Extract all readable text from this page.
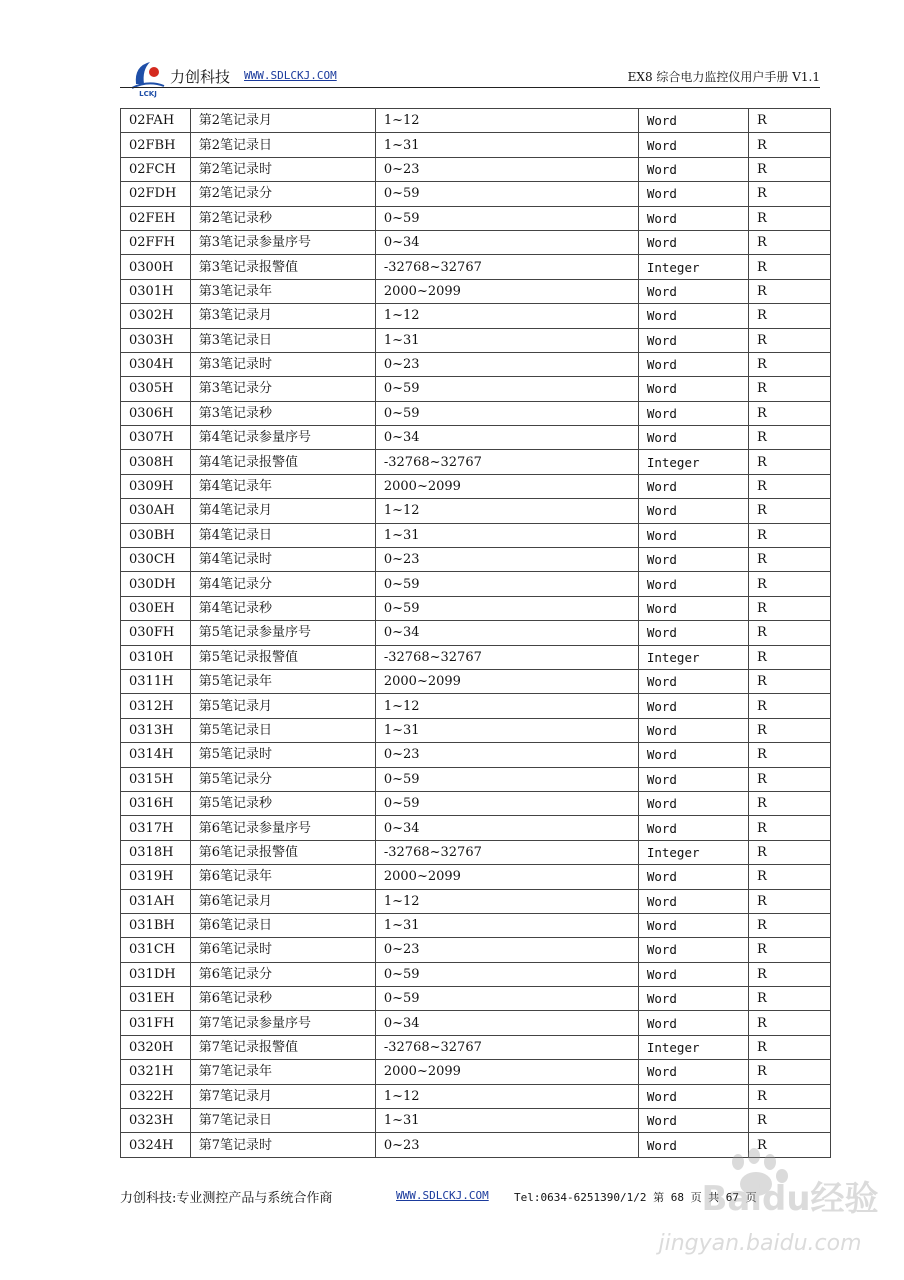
LCKJ
力创科技 WWW.SDLCKJ.COM	EX8 综合电力监控仪用户手册 V1.1
02FAH	第2笔记录月	1~12	Word	R
02FBH	第2笔记录日	1~31	Word	R
02FCH	第2笔记录时	0~23	Word	R
02FDH	第2笔记录分	0~59	Word	R
02FEH	第2笔记录秒	0~59	Word	R
02FFH	第3笔记录参量序号	0~34	Word	R
0300H	第3笔记录报警值	-32768~32767	Integer	R
0301H	第3笔记录年	2000~2099	Word	R
0302H	第3笔记录月	1~12	Word	R
0303H	第3笔记录日	1~31	Word	R
0304H	第3笔记录时	0~23	Word	R
0305H	第3笔记录分	0~59	Word	R
0306H	第3笔记录秒	0~59	Word	R
0307H	第4笔记录参量序号	0~34	Word	R
0308H	第4笔记录报警值	-32768~32767	Integer	R
0309H	第4笔记录年	2000~2099	Word	R
030AH	第4笔记录月	1~12	Word	R
030BH	第4笔记录日	1~31	Word	R
030CH	第4笔记录时	0~23	Word	R
030DH	第4笔记录分	0~59	Word	R
030EH	第4笔记录秒	0~59	Word	R
030FH	第5笔记录参量序号	0~34	Word	R
0310H	第5笔记录报警值	-32768~32767	Integer	R
0311H	第5笔记录年	2000~2099	Word	R
0312H	第5笔记录月	1~12	Word	R
0313H	第5笔记录日	1~31	Word	R
0314H	第5笔记录时	0~23	Word	R
0315H	第5笔记录分	0~59	Word	R
0316H	第5笔记录秒	0~59	Word	R
0317H	第6笔记录参量序号	0~34	Word	R
0318H	第6笔记录报警值	-32768~32767	Integer	R
0319H	第6笔记录年	2000~2099	Word	R
031AH	第6笔记录月	1~12	Word	R
031BH	第6笔记录日	1~31	Word	R
031CH	第6笔记录时	0~23	Word	R
031DH	第6笔记录分	0~59	Word	R
031EH	第6笔记录秒	0~59	Word	R
031FH	第7笔记录参量序号	0~34	Word	R
0320H	第7笔记录报警值	-32768~32767	Integer	R
0321H	第7笔记录年	2000~2099	Word	R
0322H	第7笔记录月	1~12	Word	R
0323H	第7笔记录日	1~31	Word	R
0324H	第7笔记录时	0~23	Word	R
力创科技:专业测控产品与系统合作商	WWW.SDLCKJ.COM Tel:0634-6251390/1/2 第 68 页 共 67 页
Baidu经验
jingyan.baidu.com
